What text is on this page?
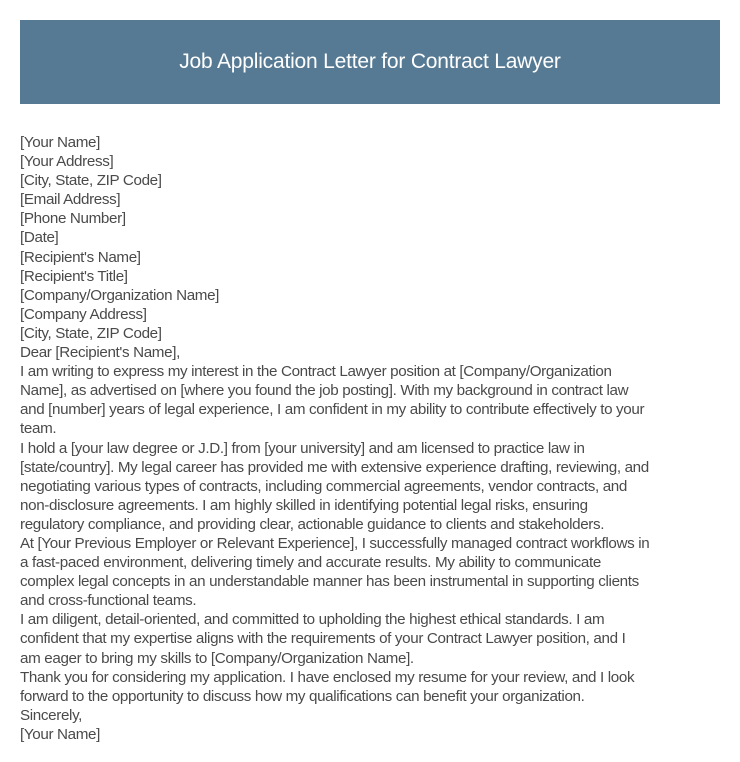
Job Application Letter for Contract Lawyer
[Your Name]
[Your Address]
[City, State, ZIP Code]
[Email Address]
[Phone Number]
[Date]
[Recipient's Name]
[Recipient's Title]
[Company/Organization Name]
[Company Address]
[City, State, ZIP Code]
Dear [Recipient's Name],

I am writing to express my interest in the Contract Lawyer position at [Company/Organization
Name], as advertised on [where you found the job posting]. With my background in contract law
and [number] years of legal experience, I am confident in my ability to contribute effectively to your
team.

I hold a [your law degree or J.D.] from [your university] and am licensed to practice law in
[state/country]. My legal career has provided me with extensive experience drafting, reviewing, and
negotiating various types of contracts, including commercial agreements, vendor contracts, and
non-disclosure agreements. I am highly skilled in identifying potential legal risks, ensuring
regulatory compliance, and providing clear, actionable guidance to clients and stakeholders.

At [Your Previous Employer or Relevant Experience], I successfully managed contract workflows in
a fast-paced environment, delivering timely and accurate results. My ability to communicate
complex legal concepts in an understandable manner has been instrumental in supporting clients
and cross-functional teams.

I am diligent, detail-oriented, and committed to upholding the highest ethical standards. I am
confident that my expertise aligns with the requirements of your Contract Lawyer position, and I
am eager to bring my skills to [Company/Organization Name].

Thank you for considering my application. I have enclosed my resume for your review, and I look
forward to the opportunity to discuss how my qualifications can benefit your organization.

Sincerely,
[Your Name]
